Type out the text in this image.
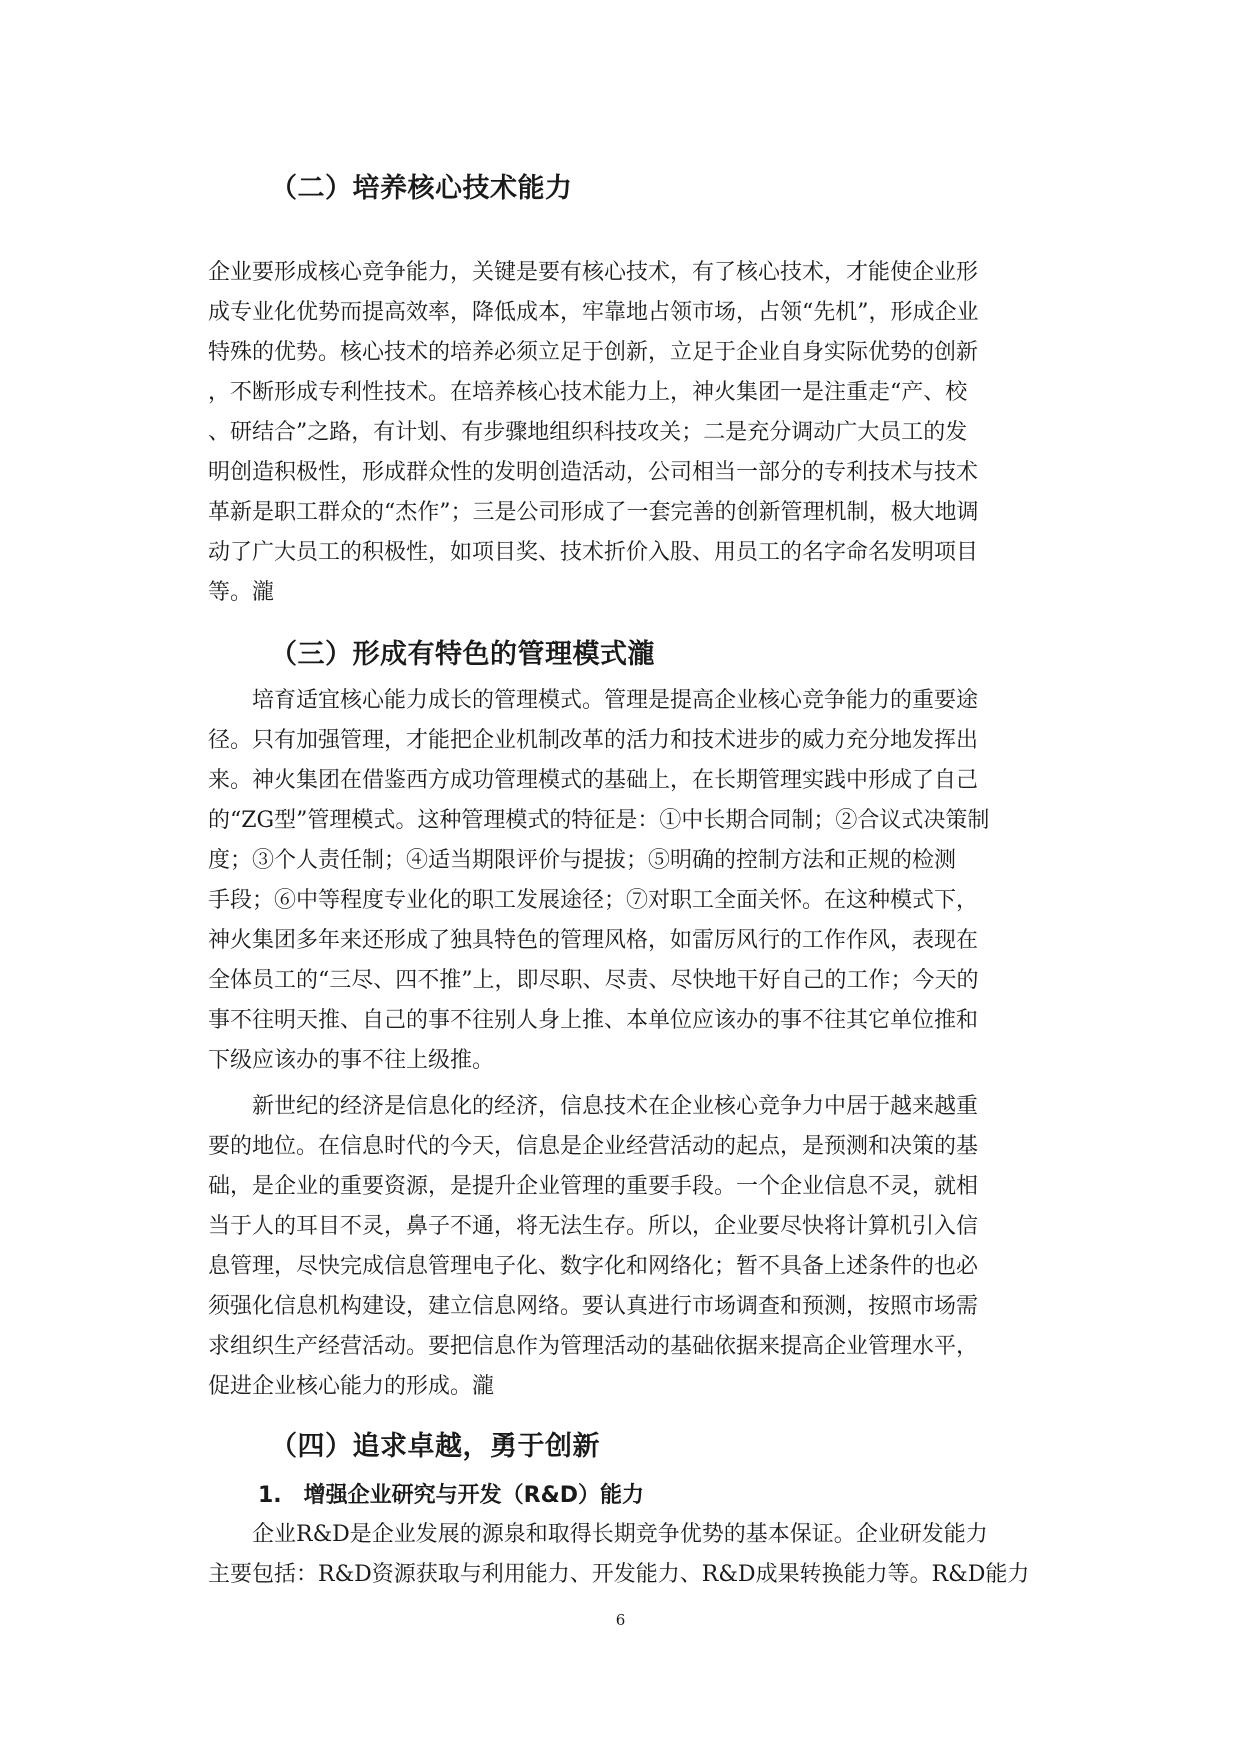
（二）培养核心技术能力
企业要形成核心竞争能力，关键是要有核心技术，有了核心技术，才能使企业形
成专业化优势而提高效率，降低成本，牢靠地占领市场，占领“先机”，形成企业
特殊的优势。核心技术的培养必须立足于创新，立足于企业自身实际优势的创新
，不断形成专利性技术。在培养核心技术能力上，神火集团一是注重走“产、校
、研结合”之路，有计划、有步骤地组织科技攻关；二是充分调动广大员工的发
明创造积极性，形成群众性的发明创造活动，公司相当一部分的专利技术与技术
革新是职工群众的“杰作”；三是公司形成了一套完善的创新管理机制，极大地调
动了广大员工的积极性，如项目奖、技术折价入股、用员工的名字命名发明项目
等。瀧
（三）形成有特色的管理模式瀧
培育适宜核心能力成长的管理模式。管理是提高企业核心竞争能力的重要途
径。只有加强管理，才能把企业机制改革的活力和技术进步的威力充分地发挥出
来。神火集团在借鉴西方成功管理模式的基础上，在长期管理实践中形成了自己
的“ZG型”管理模式。这种管理模式的特征是：①中长期合同制；②合议式决策制
度；③个人责任制；④适当期限评价与提拔；⑤明确的控制方法和正规的检测
手段；⑥中等程度专业化的职工发展途径；⑦对职工全面关怀。在这种模式下，
神火集团多年来还形成了独具特色的管理风格，如雷厉风行的工作作风，表现在
全体员工的“三尽、四不推”上，即尽职、尽责、尽快地干好自己的工作；今天的
事不往明天推、自己的事不往别人身上推、本单位应该办的事不往其它单位推和
下级应该办的事不往上级推。
新世纪的经济是信息化的经济，信息技术在企业核心竞争力中居于越来越重
要的地位。在信息时代的今天，信息是企业经营活动的起点，是预测和决策的基
础，是企业的重要资源，是提升企业管理的重要手段。一个企业信息不灵，就相
当于人的耳目不灵，鼻子不通，将无法生存。所以，企业要尽快将计算机引入信
息管理，尽快完成信息管理电子化、数字化和网络化；暂不具备上述条件的也必
须强化信息机构建设，建立信息网络。要认真进行市场调查和预测，按照市场需
求组织生产经营活动。要把信息作为管理活动的基础依据来提高企业管理水平，
促进企业核心能力的形成。瀧
（四）追求卓越，勇于创新
1.　增强企业研究与开发（R&D）能力
企业R&D是企业发展的源泉和取得长期竞争优势的基本保证。企业研发能力
主要包括：R&D资源获取与利用能力、开发能力、R&D成果转换能力等。R&D能力
6
